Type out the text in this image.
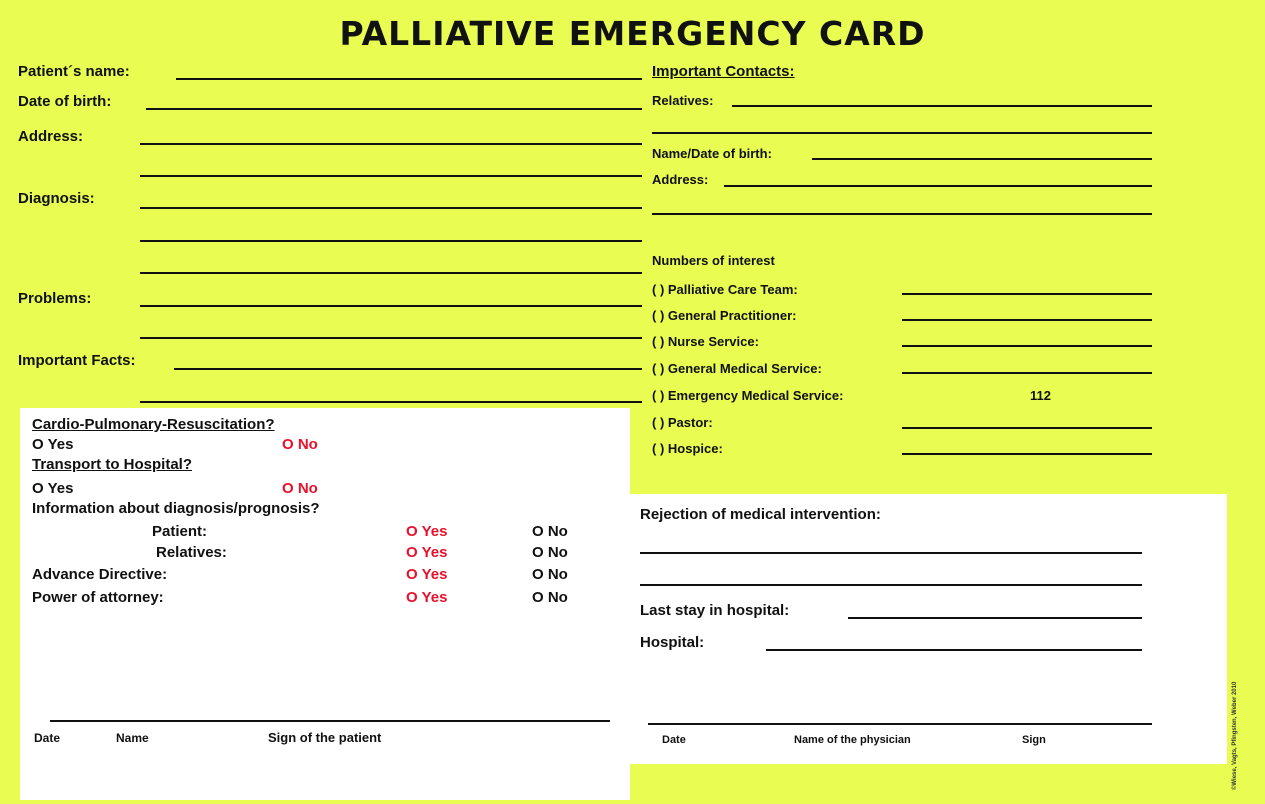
PALLIATIVE EMERGENCY CARD
Patient´s name:
Date of birth:
Address:
Diagnosis:
Problems:
Important Facts:
Important Contacts:
Relatives:
Name/Date of birth:
Address:
Numbers of interest
( ) Palliative Care Team:
( ) General Practitioner:
( ) Nurse Service:
( ) General Medical Service:
( ) Emergency Medical Service:	112
( ) Pastor:
( ) Hospice:
Cardio-Pulmonary-Resuscitation?
O Yes	O No
Transport to Hospital?
O Yes	O No
Information about diagnosis/prognosis?
Patient:	O Yes	O No
Relatives:	O Yes	O No
Advance Directive:	O Yes	O No
Power of attorney:	O Yes	O No
Date	Name	Sign of the patient
Rejection of medical intervention:
Last stay in hospital:
Hospital:
Date	Name of the physician	Sign	©Wiese, Vagts, Pfingsten, Weber 2010
